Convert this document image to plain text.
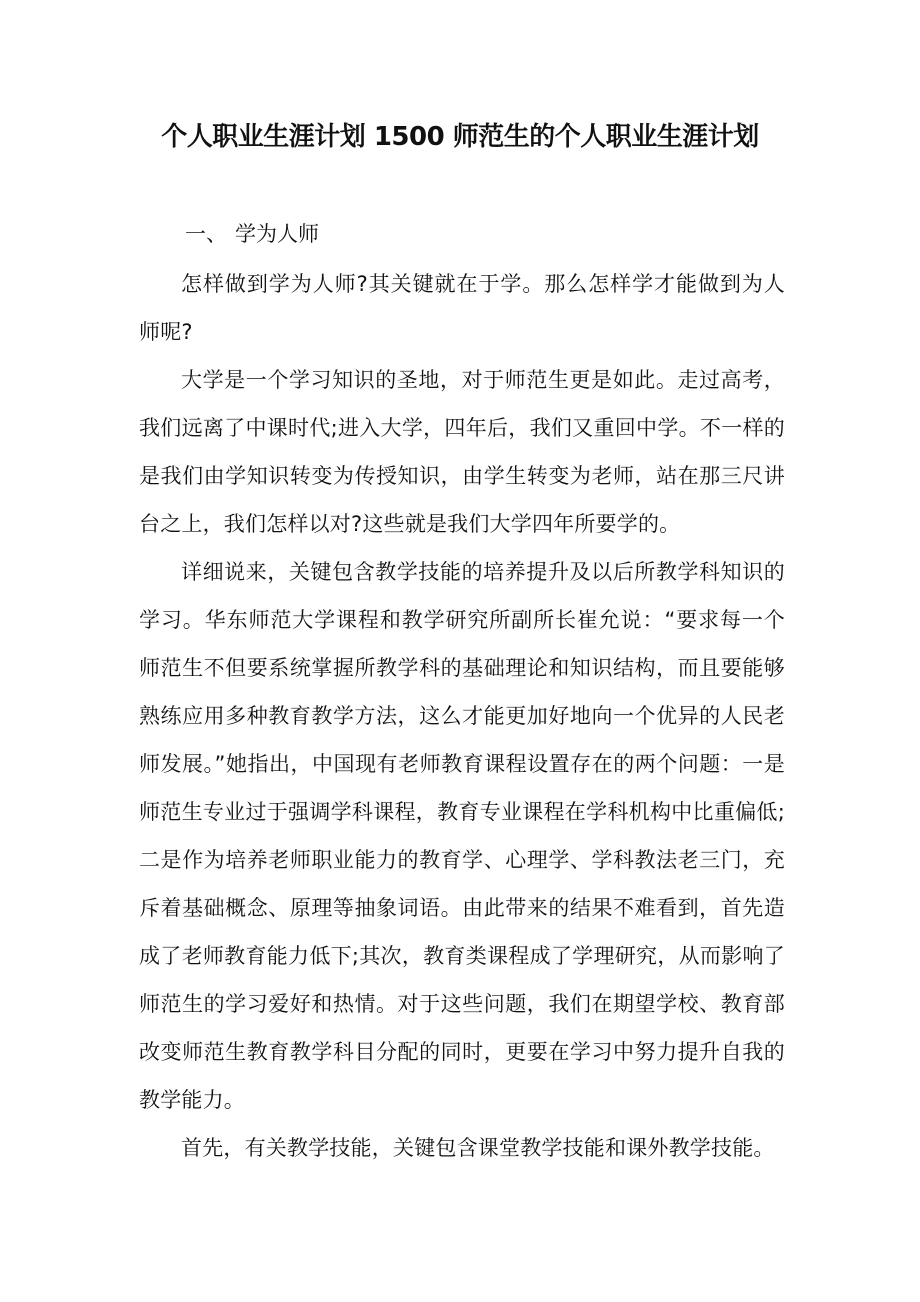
个人职业生涯计划 1500 师范生的个人职业生涯计划
一、 学为人师

怎样做到学为人师?其关键就在于学。那么怎样学才能做到为人师呢?

大学是一个学习知识的圣地，对于师范生更是如此。走过高考，我们远离了中课时代;进入大学，四年后，我们又重回中学。不一样的是我们由学知识转变为传授知识，由学生转变为老师，站在那三尺讲台之上，我们怎样以对?这些就是我们大学四年所要学的。

详细说来，关键包含教学技能的培养提升及以后所教学科知识的学习。华东师范大学课程和教学研究所副所长崔允说：“要求每一个师范生不但要系统掌握所教学科的基础理论和知识结构，而且要能够熟练应用多种教育教学方法，这么才能更加好地向一个优异的人民老师发展。”她指出，中国现有老师教育课程设置存在的两个问题：一是师范生专业过于强调学科课程，教育专业课程在学科机构中比重偏低;二是作为培养老师职业能力的教育学、心理学、学科教法老三门，充斥着基础概念、原理等抽象词语。由此带来的结果不难看到，首先造成了老师教育能力低下;其次，教育类课程成了学理研究，从而影响了师范生的学习爱好和热情。对于这些问题，我们在期望学校、教育部改变师范生教育教学科目分配的同时，更要在学习中努力提升自我的教学能力。

首先，有关教学技能，关键包含课堂教学技能和课外教学技能。
